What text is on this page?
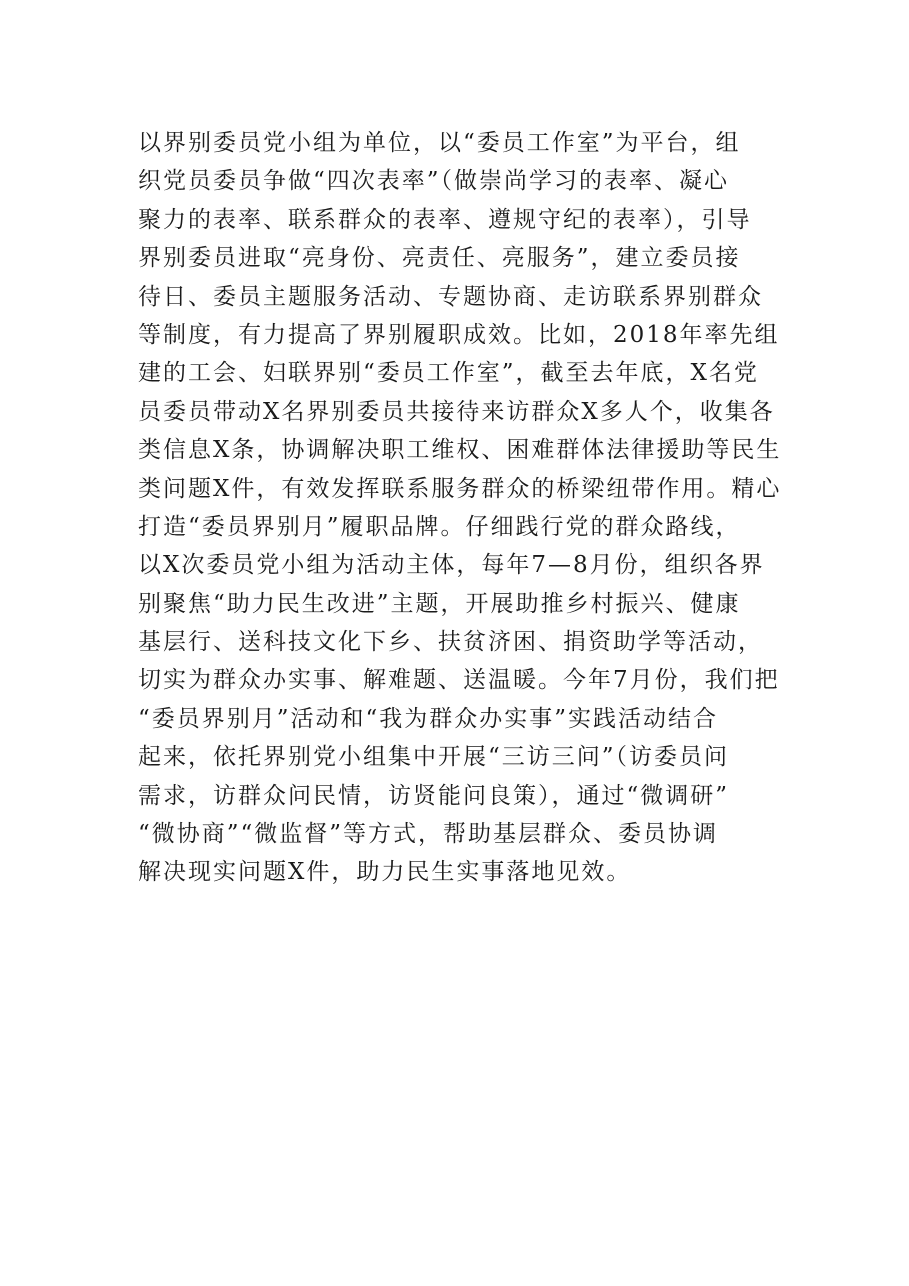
以界别委员党小组为单位，以“委员工作室”为平台，组
织党员委员争做“四次表率”（做崇尚学习的表率、凝心
聚力的表率、联系群众的表率、遵规守纪的表率），引导
界别委员进取“亮身份、亮责任、亮服务”，建立委员接
待日、委员主题服务活动、专题协商、走访联系界别群众
等制度，有力提高了界别履职成效。比如，2018年率先组
建的工会、妇联界别“委员工作室”，截至去年底，X名党
员委员带动X名界别委员共接待来访群众X多人个，收集各
类信息X条，协调解决职工维权、困难群体法律援助等民生
类问题X件，有效发挥联系服务群众的桥梁纽带作用。精心
打造“委员界别月”履职品牌。仔细践行党的群众路线，
以X次委员党小组为活动主体，每年7—8月份，组织各界
别聚焦“助力民生改进”主题，开展助推乡村振兴、健康
基层行、送科技文化下乡、扶贫济困、捐资助学等活动，
切实为群众办实事、解难题、送温暖。今年7月份，我们把
“委员界别月”活动和“我为群众办实事”实践活动结合
起来，依托界别党小组集中开展“三访三问”（访委员问
需求，访群众问民情，访贤能问良策），通过“微调研”
“微协商”“微监督”等方式，帮助基层群众、委员协调
解决现实问题X件，助力民生实事落地见效。
